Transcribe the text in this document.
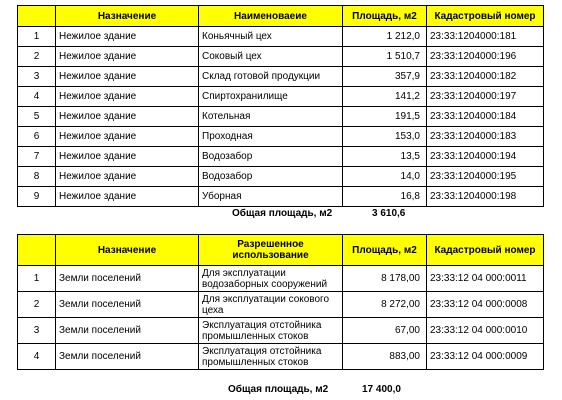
	Назначение	Наименоваеие	Площадь, м2	Кадастровый номер
1	Нежилое здание	Коньячный цех	1 212,0	23:33:1204000:181
2	Нежилое здание	Соковый цех	1 510,7	23:33:1204000:196
3	Нежилое здание	Склад готовой продукции	357,9	23:33:1204000:182
4	Нежилое здание	Спиртохранилище	141,2	23:33:1204000:197
5	Нежилое здание	Котельная	191,5	23:33:1204000:184
6	Нежилое здание	Проходная	153,0	23:33:1204000:183
7	Нежилое здание	Водозабор	13,5	23:33:1204000:194
8	Нежилое здание	Водозабор	14,0	23:33:1204000:195
9	Нежилое здание	Уборная	16,8	23:33:1204000:198
Общая площадь, м2	3 610,6
	Назначение	Разрешенное использование	Площадь, м2	Кадастровый номер
1	Земли поселений	Для эксплуатации водозаборных сооружений	8 178,00	23:33:12 04 000:0011
2	Земли поселений	Для эксплуатации сокового цеха	8 272,00	23:33:12 04 000:0008
3	Земли поселений	Эксплуатация отстойника промышленных стоков	67,00	23:33:12 04 000:0010
4	Земли поселений	Эксплуатация отстойника промышленных стоков	883,00	23:33:12 04 000:0009
Общая площадь, м2	17 400,0
